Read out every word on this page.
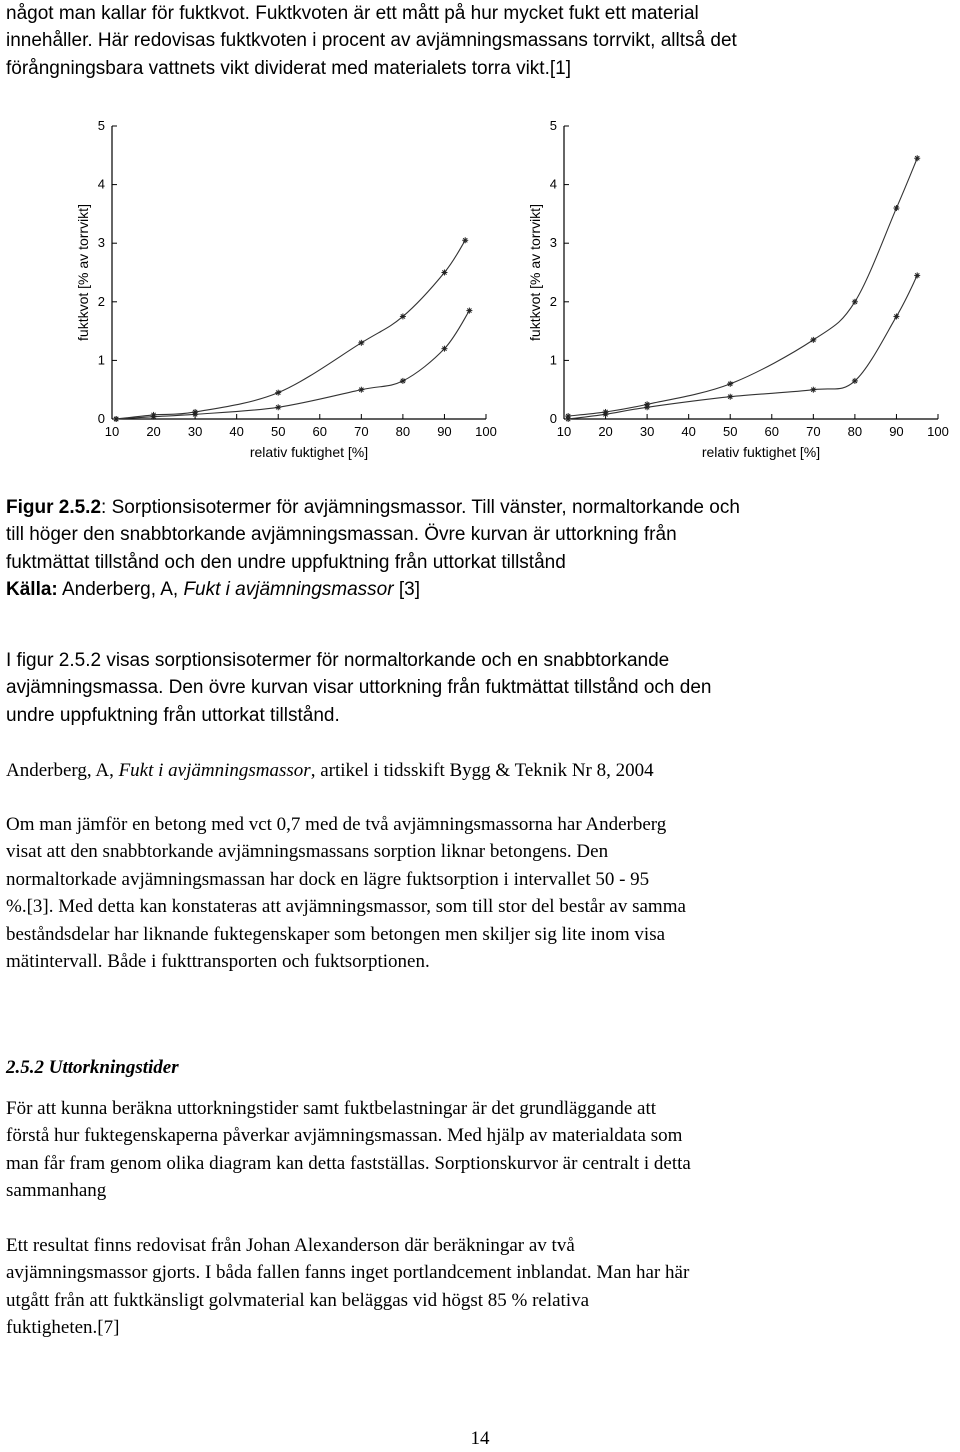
något man kallar för fuktkvot. Fuktkvoten är ett mått på hur mycket fukt ett material
innehåller. Här redovisas fuktkvoten i procent av avjämningsmassans torrvikt, alltså det
förångningsbara vattnets vikt dividerat med materialets torra vikt.[1]
0
1
2
3
4
5
10 20 30 40 50 60 70 80 90 100
relativ fuktighet [%]
fuktkvot [% av torrvikt]
0
1
2
3
4
5
10 20 30 40 50 60 70 80 90 100
relativ fuktighet [%]
fuktkvot [% av torrvikt]
Figur 2.5.2: Sorptionsisotermer för avjämningsmassor. Till vänster, normaltorkande och
till höger den snabbtorkande avjämningsmassan. Övre kurvan är uttorkning från
fuktmättat tillstånd och den undre uppfuktning från uttorkat tillstånd
Källa: Anderberg, A, Fukt i avjämningsmassor [3]
I figur 2.5.2 visas sorptionsisotermer för normaltorkande och en snabbtorkande
avjämningsmassa. Den övre kurvan visar uttorkning från fuktmättat tillstånd och den
undre uppfuktning från uttorkat tillstånd.
Anderberg, A, Fukt i avjämningsmassor, artikel i tidsskift Bygg & Teknik Nr 8, 2004
Om man jämför en betong med vct 0,7 med de två avjämningsmassorna har Anderberg
visat att den snabbtorkande avjämningsmassans sorption liknar betongens. Den
normaltorkade avjämningsmassan har dock en lägre fuktsorption i intervallet 50 - 95
%.[3]. Med detta kan konstateras att avjämningsmassor, som till stor del består av samma
beståndsdelar har liknande fuktegenskaper som betongen men skiljer sig lite inom visa
mätintervall. Både i fukttransporten och fuktsorptionen.
2.5.2 Uttorkningstider
För att kunna beräkna uttorkningstider samt fuktbelastningar är det grundläggande att
förstå hur fuktegenskaperna påverkar avjämningsmassan. Med hjälp av materialdata som
man får fram genom olika diagram kan detta fastställas. Sorptionskurvor är centralt i detta
sammanhang
Ett resultat finns redovisat från Johan Alexanderson där beräkningar av två
avjämningsmassor gjorts. I båda fallen fanns inget portlandcement inblandat. Man har här
utgått från att fuktkänsligt golvmaterial kan beläggas vid högst 85 % relativa
fuktigheten.[7]
14
